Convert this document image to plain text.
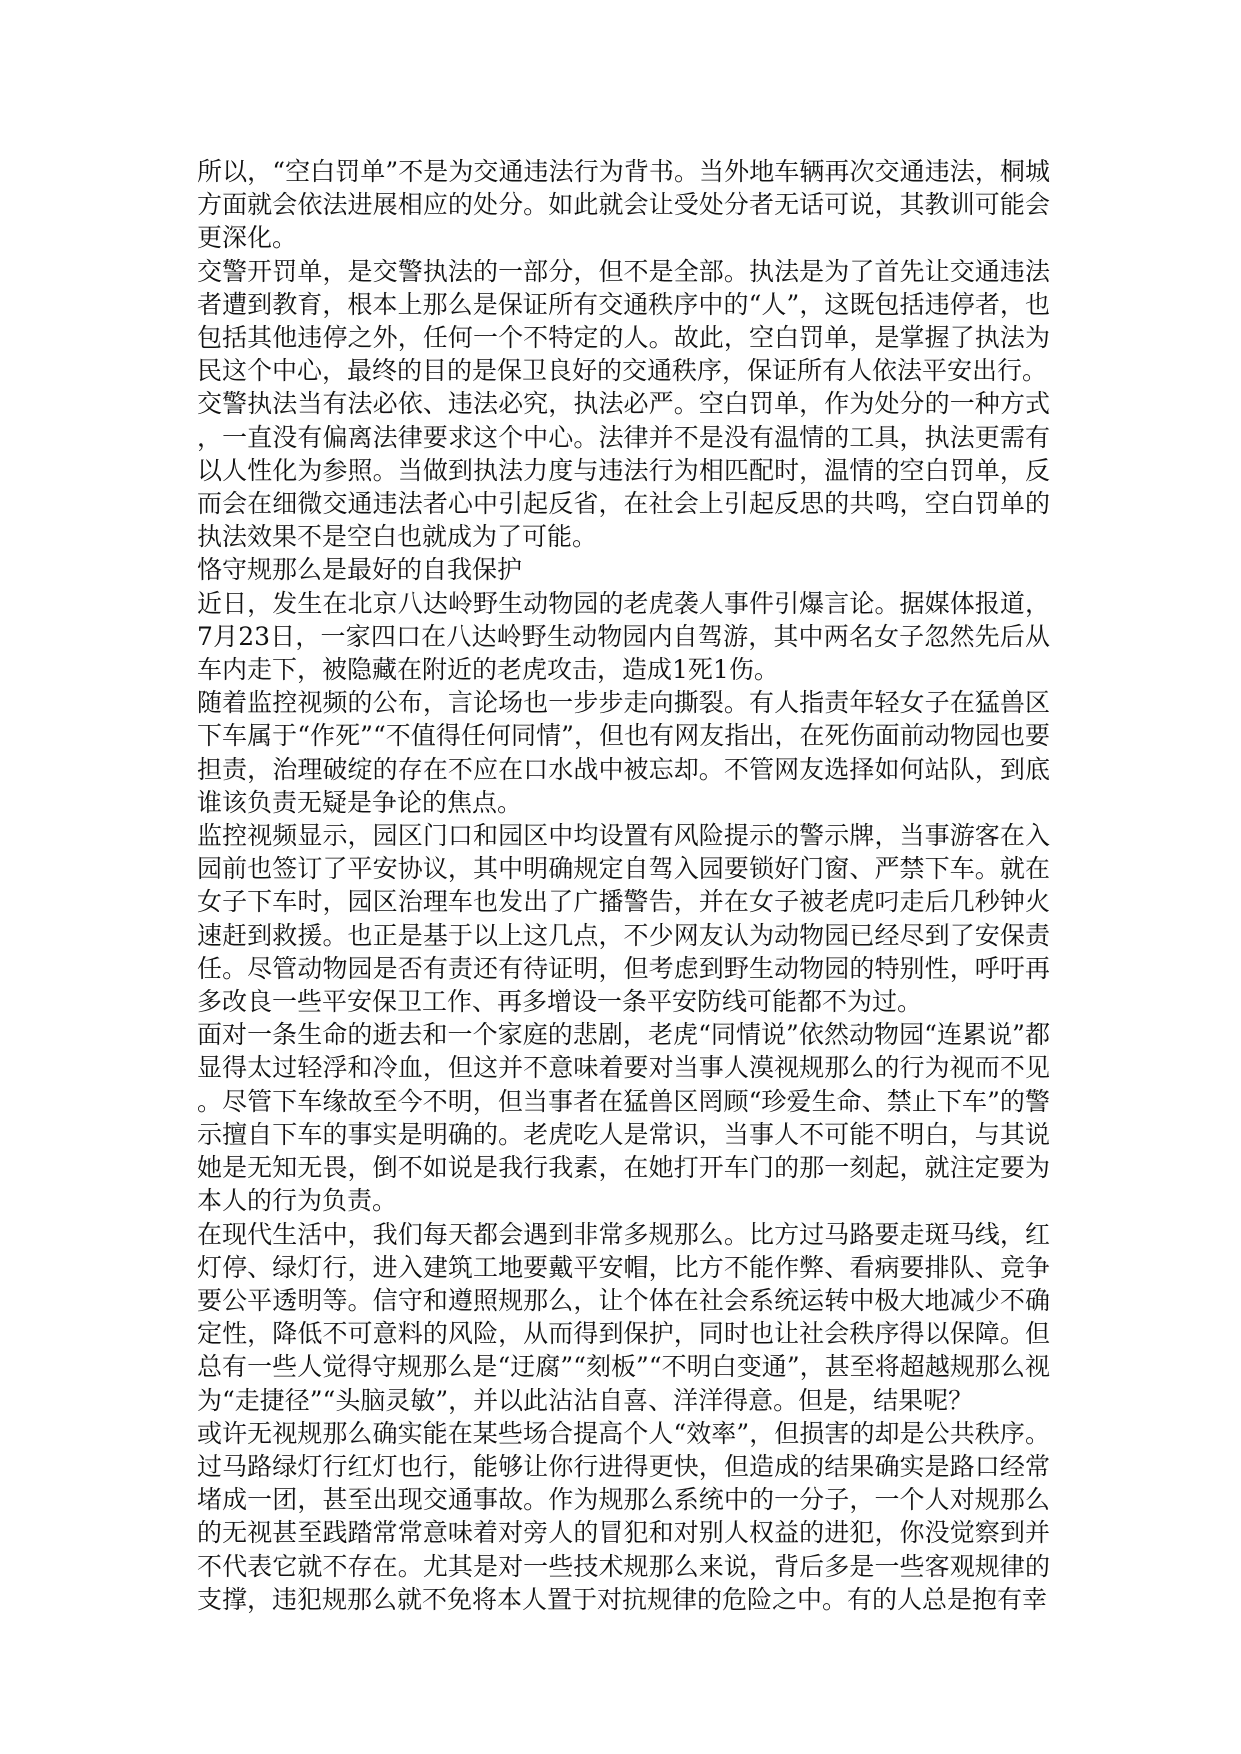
所以，“空白罚单”不是为交通违法行为背书。当外地车辆再次交通违法，桐城方面就会依法进展相应的处分。如此就会让受处分者无话可说，其教训可能会更深化。

交警开罚单，是交警执法的一部分，但不是全部。执法是为了首先让交通违法者遭到教育，根本上那么是保证所有交通秩序中的“人”，这既包括违停者，也包括其他违停之外，任何一个不特定的人。故此，空白罚单，是掌握了执法为民这个中心，最终的目的是保卫良好的交通秩序，保证所有人依法平安出行。

交警执法当有法必依、违法必究，执法必严。空白罚单，作为处分的一种方式，一直没有偏离法律要求这个中心。法律并不是没有温情的工具，执法更需有以人性化为参照。当做到执法力度与违法行为相匹配时，温情的空白罚单，反而会在细微交通违法者心中引起反省，在社会上引起反思的共鸣，空白罚单的执法效果不是空白也就成为了可能。

恪守规那么是最好的自我保护

近日，发生在北京八达岭野生动物园的老虎袭人事件引爆言论。据媒体报道，7月23日，一家四口在八达岭野生动物园内自驾游，其中两名女子忽然先后从车内走下，被隐藏在附近的老虎攻击，造成1死1伤。

随着监控视频的公布，言论场也一步步走向撕裂。有人指责年轻女子在猛兽区下车属于“作死”“不值得任何同情”，但也有网友指出，在死伤面前动物园也要担责，治理破绽的存在不应在口水战中被忘却。不管网友选择如何站队，到底谁该负责无疑是争论的焦点。

监控视频显示，园区门口和园区中均设置有风险提示的警示牌，当事游客在入园前也签订了平安协议，其中明确规定自驾入园要锁好门窗、严禁下车。就在女子下车时，园区治理车也发出了广播警告，并在女子被老虎叼走后几秒钟火速赶到救援。也正是基于以上这几点，不少网友认为动物园已经尽到了安保责任。尽管动物园是否有责还有待证明，但考虑到野生动物园的特别性，呼吁再多改良一些平安保卫工作、再多增设一条平安防线可能都不为过。

面对一条生命的逝去和一个家庭的悲剧，老虎“同情说”依然动物园“连累说”都显得太过轻浮和冷血，但这并不意味着要对当事人漠视规那么的行为视而不见。尽管下车缘故至今不明，但当事者在猛兽区罔顾“珍爱生命、禁止下车”的警示擅自下车的事实是明确的。老虎吃人是常识，当事人不可能不明白，与其说她是无知无畏，倒不如说是我行我素，在她打开车门的那一刻起，就注定要为本人的行为负责。

在现代生活中，我们每天都会遇到非常多规那么。比方过马路要走斑马线，红灯停、绿灯行，进入建筑工地要戴平安帽，比方不能作弊、看病要排队、竞争要公平透明等。信守和遵照规那么，让个体在社会系统运转中极大地减少不确定性，降低不可意料的风险，从而得到保护，同时也让社会秩序得以保障。但总有一些人觉得守规那么是“迂腐”“刻板”“不明白变通”，甚至将超越规那么视为“走捷径”“头脑灵敏”，并以此沾沾自喜、洋洋得意。但是，结果呢？

或许无视规那么确实能在某些场合提高个人“效率”，但损害的却是公共秩序。过马路绿灯行红灯也行，能够让你行进得更快，但造成的结果确实是路口经常堵成一团，甚至出现交通事故。作为规那么系统中的一分子，一个人对规那么的无视甚至践踏常常意味着对旁人的冒犯和对别人权益的进犯，你没觉察到并不代表它就不存在。尤其是对一些技术规那么来说，背后多是一些客观规律的支撑，违犯规那么就不免将本人置于对抗规律的危险之中。有的人总是抱有幸
